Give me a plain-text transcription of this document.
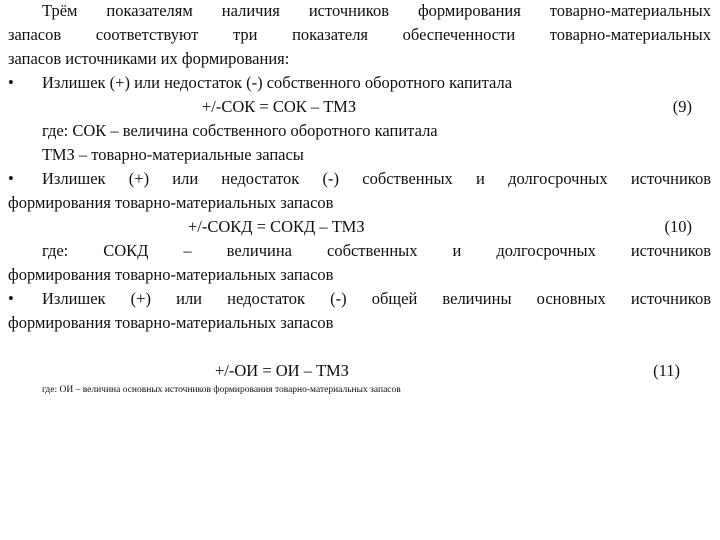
Трём показателям наличия источников формирования товарно-материальных
запасов соответствуют три показателя обеспеченности товарно-материальных
запасов источниками их формирования:
• Излишек (+) или недостаток (-) собственного оборотного капитала
+/-СОК = СОК – ТМЗ	(9)
где: СОК – величина собственного оборотного капитала
ТМЗ – товарно-материальные запасы
• Излишек (+) или недостаток (-) собственных и долгосрочных источников
формирования товарно-материальных запасов
+/-СОКД = СОКД – ТМЗ	(10)
где: СОКД – величина собственных и долгосрочных источников
формирования товарно-материальных запасов
• Излишек (+) или недостаток (-) общей величины основных источников
формирования товарно-материальных запасов
+/-ОИ = ОИ – ТМЗ	(11)
где: ОИ – величина основных источников формирования товарно-материальных запасов
